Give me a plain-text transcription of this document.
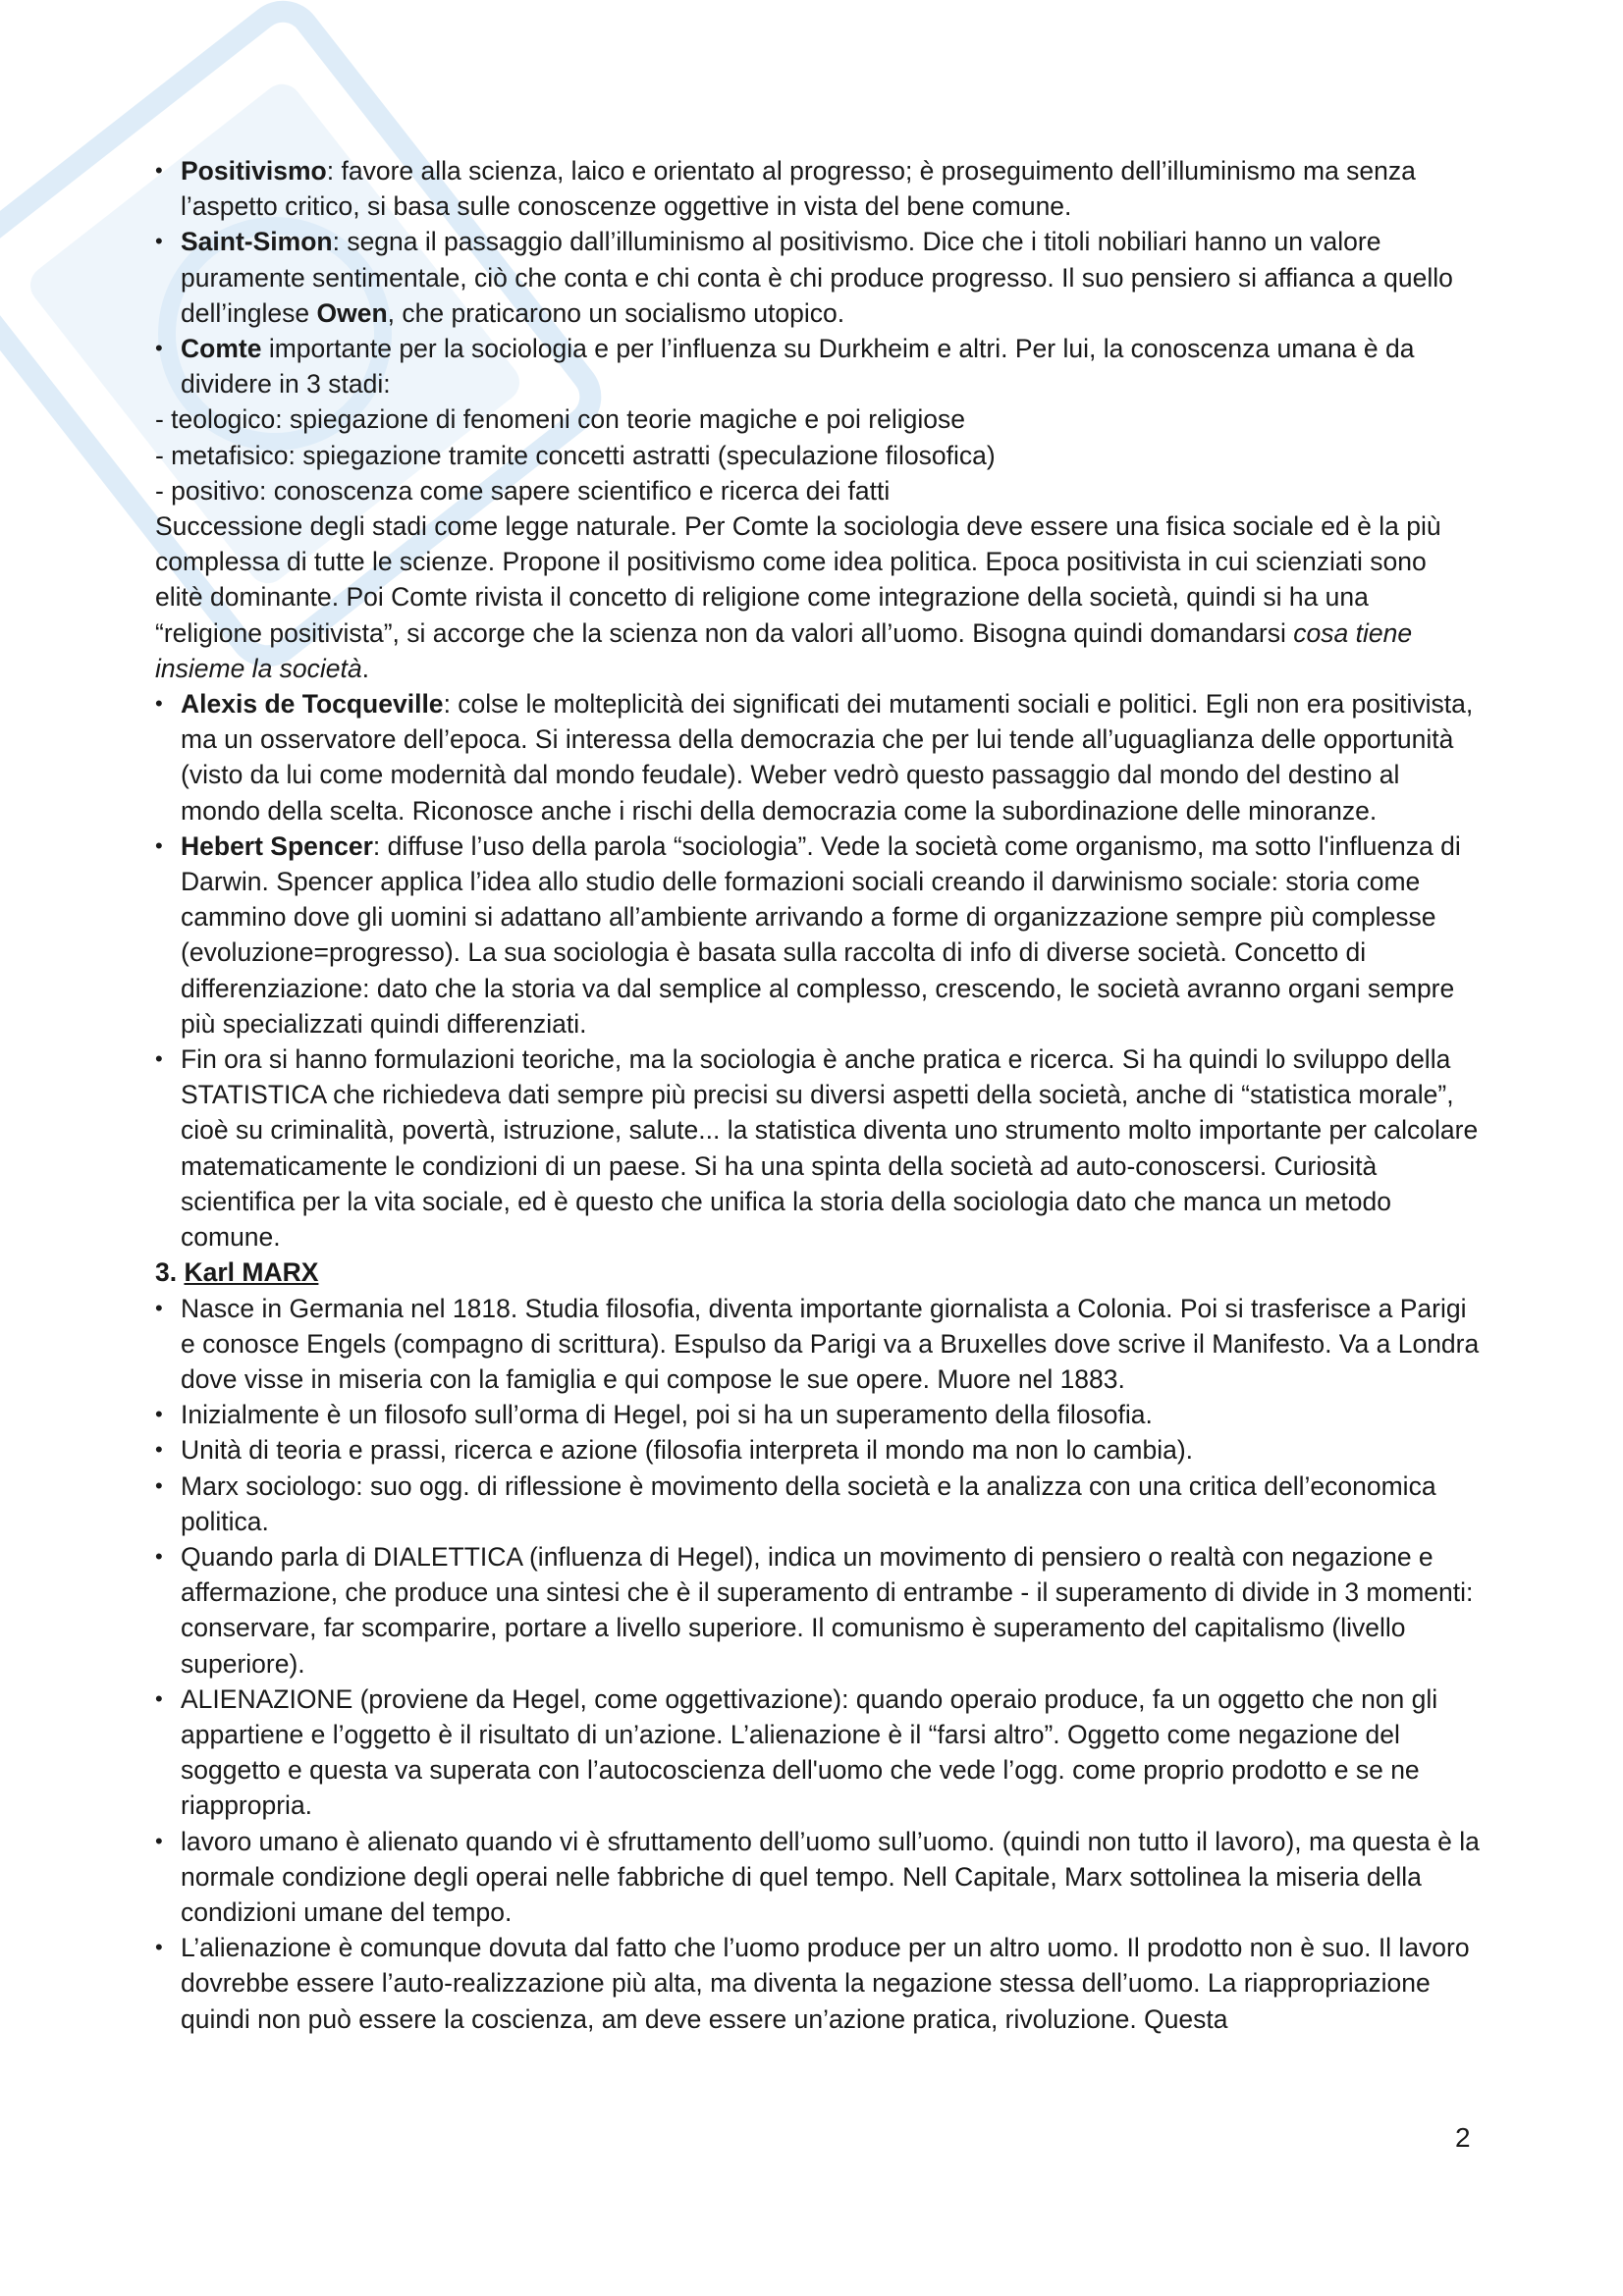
• Positivismo: favore alla scienza, laico e orientato al progresso; è proseguimento dell’illuminismo ma senza l’aspetto critico, si basa sulle conoscenze oggettive in vista del bene comune.

• Saint-Simon: segna il passaggio dall’illuminismo al positivismo. Dice che i titoli nobiliari hanno un valore puramente sentimentale, ciò che conta e chi conta è chi produce progresso. Il suo pensiero si affianca a quello dell’inglese Owen, che praticarono un socialismo utopico.

• Comte importante per la sociologia e per l’influenza su Durkheim e altri. Per lui, la conoscenza umana è da dividere in 3 stadi:

- teologico: spiegazione di fenomeni con teorie magiche e poi religiose

- metafisico: spiegazione tramite concetti astratti (speculazione filosofica)

- positivo: conoscenza come sapere scientifico e ricerca dei fatti

Successione degli stadi come legge naturale. Per Comte la sociologia deve essere una fisica sociale ed è la più complessa di tutte le scienze. Propone il positivismo come idea politica. Epoca positivista in cui scienziati sono elitè dominante. Poi Comte rivista il concetto di religione come integrazione della società, quindi si ha una “religione positivista”, si accorge che la scienza non da valori all’uomo. Bisogna quindi domandarsi cosa tiene insieme la società.

• Alexis de Tocqueville: colse le molteplicità dei significati dei mutamenti sociali e politici. Egli non era positivista, ma un osservatore dell’epoca. Si interessa della democrazia che per lui tende all’uguaglianza delle opportunità (visto da lui come modernità dal mondo feudale). Weber vedrò questo passaggio dal mondo del destino al mondo della scelta. Riconosce anche i rischi della democrazia come la subordinazione delle minoranze.

• Hebert Spencer: diffuse l’uso della parola “sociologia”. Vede la società come organismo, ma sotto l'influenza di Darwin. Spencer applica l’idea allo studio delle formazioni sociali creando il darwinismo sociale: storia come cammino dove gli uomini si adattano all’ambiente arrivando a forme di organizzazione sempre più complesse (evoluzione=progresso). La sua sociologia è basata sulla raccolta di info di diverse società. Concetto di differenziazione: dato che la storia va dal semplice al complesso, crescendo, le società avranno organi sempre più specializzati quindi differenziati.

• Fin ora si hanno formulazioni teoriche, ma la sociologia è anche pratica e ricerca. Si ha quindi lo sviluppo della STATISTICA che richiedeva dati sempre più precisi su diversi aspetti della società, anche di “statistica morale”, cioè su criminalità, povertà, istruzione, salute... la statistica diventa uno strumento molto importante per calcolare matematicamente le condizioni di un paese. Si ha una spinta della società ad auto-conoscersi. Curiosità scientifica per la vita sociale, ed è questo che unifica la storia della sociologia dato che manca un metodo comune.

3. Karl MARX

• Nasce in Germania nel 1818. Studia filosofia, diventa importante giornalista a Colonia. Poi si trasferisce a Parigi e conosce Engels (compagno di scrittura). Espulso da Parigi va a Bruxelles dove scrive il Manifesto. Va a Londra dove visse in miseria con la famiglia e qui compose le sue opere. Muore nel 1883.

• Inizialmente è un filosofo sull’orma di Hegel, poi si ha un superamento della filosofia.

• Unità di teoria e prassi, ricerca e azione (filosofia interpreta il mondo ma non lo cambia).

• Marx sociologo: suo ogg. di riflessione è movimento della società e la analizza con una critica dell’economica politica.

• Quando parla di DIALETTICA (influenza di Hegel), indica un movimento di pensiero o realtà con negazione e affermazione, che produce una sintesi che è il superamento di entrambe - il superamento di divide in 3 momenti: conservare, far scomparire, portare a livello superiore. Il comunismo è superamento del capitalismo (livello superiore).

• ALIENAZIONE (proviene da Hegel, come oggettivazione): quando operaio produce, fa un oggetto che non gli appartiene e l’oggetto è il risultato di un’azione. L’alienazione è il “farsi altro”. Oggetto come negazione del soggetto e questa va superata con l’autocoscienza dell'uomo che vede l’ogg. come proprio prodotto e se ne riappropria.

• lavoro umano è alienato quando vi è sfruttamento dell’uomo sull’uomo. (quindi non tutto il lavoro), ma questa è la normale condizione degli operai nelle fabbriche di quel tempo. Nell Capitale, Marx sottolinea la miseria della condizioni umane del tempo.

• L’alienazione è comunque dovuta dal fatto che l’uomo produce per un altro uomo. Il prodotto non è suo. Il lavoro dovrebbe essere l’auto-realizzazione più alta, ma diventa la negazione stessa dell’uomo. La riappropriazione quindi non può essere la coscienza, am deve essere un’azione pratica, rivoluzione. Questa

2
